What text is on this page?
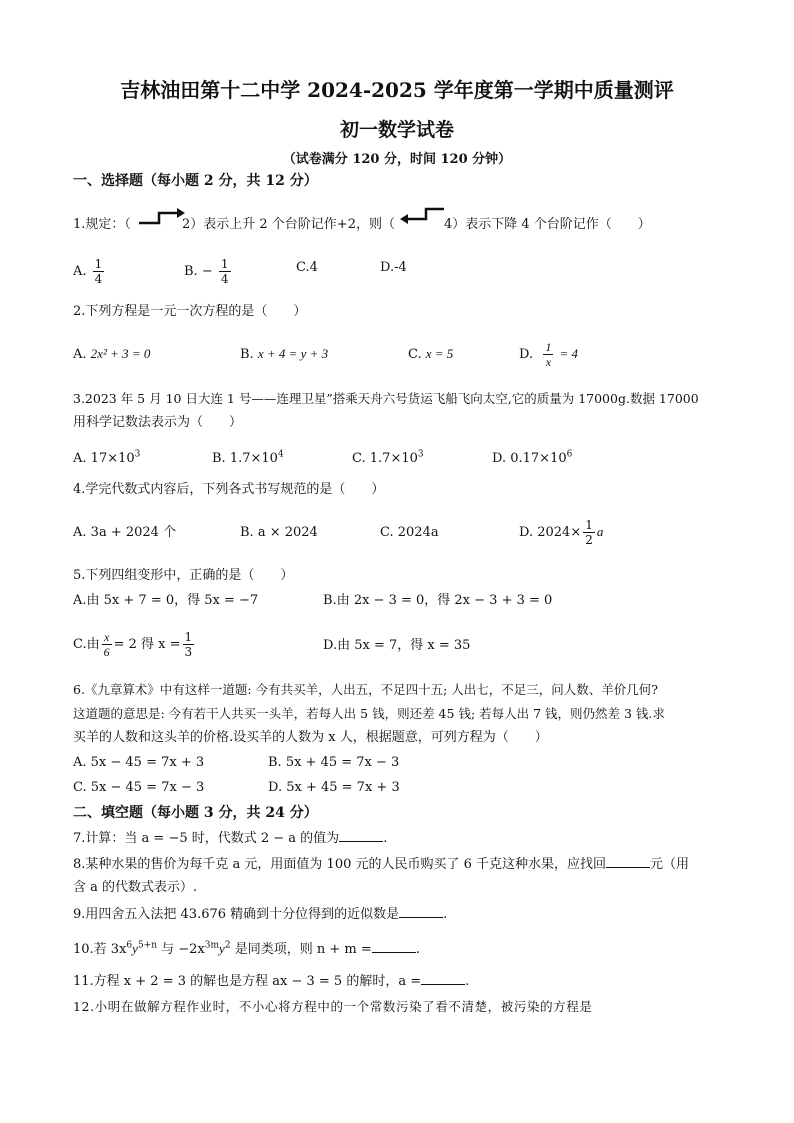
吉林油田第十二中学 2024-2025 学年度第一学期中质量测评
初一数学试卷
（试卷满分 120 分，时间 120 分钟）
一、选择题（每小题 2 分，共 12 分）
1.规定：（	2）表示上升 2 个台阶记作+2，则（	4）表示下降 4 个台阶记作（　　）
A. $\frac{1}{4}$	B. − $\frac{1}{4}$	C.4	D.-4
2.下列方程是一元一次方程的是（　　）
A. 2x² + 3 = 0	B. x + 4 = y + 3	C. x = 5	D. $\frac{1}{x} = 4$
3.2023 年 5 月 10 日大连 1 号——连理卫星”搭乘天舟六号货运飞船飞向太空,它的质量为 17000g.数据 17000
用科学记数法表示为（　　）
A. $17\times 10^3$	B. $1.7\times 10^4$	C. $1.7\times 10^3$	D. $0.17\times 10^6$
4.学完代数式内容后，下列各式书写规范的是（　　）
A. 3a + 2024 个	B. a × 2024	C. 2024a	D. $2024\times \frac{1}{2}$ a
5.下列四组变形中，正确的是（　　）
A.由 5x + 7 = 0，得 5x = −7	B.由 2x − 3 = 0，得 2x − 3 + 3 = 0
C.由 $\frac{x}{6} = 2$ 得 $x = \frac{1}{3}$	D.由 5x = 7，得 x = 35
6.《九章算术》中有这样一道题: 今有共买羊，人出五，不足四十五; 人出七，不足三，问人数、羊价几何?
这道题的意思是: 今有若干人共买一头羊，若每人出 5 钱，则还差 45 钱; 若每人出 7 钱，则仍然差 3 钱.求
买羊的人数和这头羊的价格.设买羊的人数为 x 人，根据题意，可列方程为（　　）
A. 5x − 45 = 7x + 3	B. 5x + 45 = 7x − 3
C. 5x − 45 = 7x − 3	D. 5x + 45 = 7x + 3
二、填空题（每小题 3 分，共 24 分）
7.计算：当 a = −5 时，代数式 2 − a 的值为	.
8.某种水果的售价为每千克 a 元，用面值为 100 元的人民币购买了 6 千克这种水果，应找回	元（用
含 a 的代数式表示）.
9.用四舍五入法把 43.676 精确到十分位得到的近似数是	.
10.若 $3x^6y^{5+n}$ 与 $-2x^{3m}y^2$ 是同类项，则 n + m =	.
11.方程 x + 2 = 3 的解也是方程 ax − 3 = 5 的解时，a =	.
12.小明在做解方程作业时，不小心将方程中的一个常数污染了看不清楚，被污染的方程是
